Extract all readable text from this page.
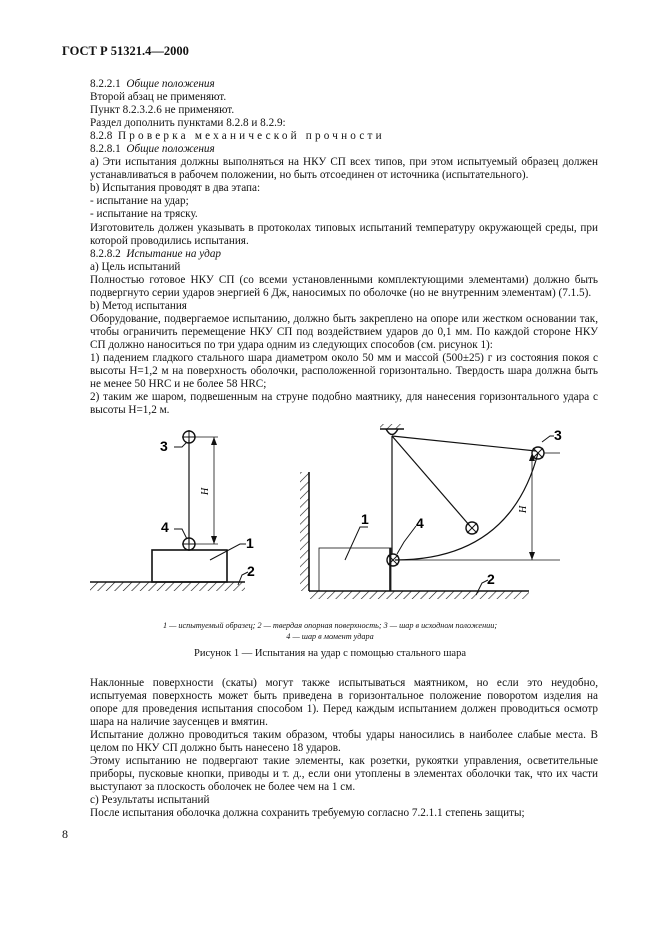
ГОСТ Р 51321.4—2000

8.2.2.1 Общие положения

Второй абзац не применяют.

Пункт 8.2.3.2.6 не применяют.

Раздел дополнить пунктами 8.2.8 и 8.2.9:

8.2.8 Проверка механической прочности

8.2.8.1 Общие положения

a) Эти испытания должны выполняться на НКУ СП всех типов, при этом испытуемый образец должен устанавливаться в рабочем положении, но быть отсоединен от источника (испытательного).

b) Испытания проводят в два этапа:

- испытание на удар;

- испытание на тряску.

Изготовитель должен указывать в протоколах типовых испытаний температуру окружающей среды, при которой проводились испытания.

8.2.8.2 Испытание на удар

a) Цель испытаний

Полностью готовое НКУ СП (со всеми установленными комплектующими элементами) должно быть подвергнуто серии ударов энергией 6 Дж, наносимых по оболочке (но не внутренним элементам) (7.1.5).

b) Метод испытания

Оборудование, подвергаемое испытанию, должно быть закреплено на опоре или жестком основании так, чтобы ограничить перемещение НКУ СП под воздействием ударов до 0,1 мм. По каждой стороне НКУ СП должно наноситься по три удара одним из следующих способов (см. рисунок 1):

1) падением гладкого стального шара диаметром около 50 мм и массой (500±25) г из состояния покоя с высоты H=1,2 м на поверхность оболочки, расположенной горизонтально. Твердость шара должна быть не менее 50 HRC и не более 58 HRC;

2) таким же шаром, подвешенным на струне подобно маятнику, для нанесения горизонтального удара с высоты H=1,2 м.

H
3
4
1
2
H
3
4
1
2
1 — испытуемый образец; 2 — твердая опорная поверхность; 3 — шар в исходном положении;
4 — шар в момент удара
Рисунок 1 — Испытания на удар с помощью стального шара

Наклонные поверхности (скаты) могут также испытываться маятником, но если это неудобно, испытуемая поверхность может быть приведена в горизонтальное положение поворотом изделия на опоре для проведения испытания способом 1). Перед каждым испытанием должен проводиться осмотр шара на наличие заусенцев и вмятин.

Испытание должно проводиться таким образом, чтобы удары наносились в наиболее слабые места. В целом по НКУ СП должно быть нанесено 18 ударов.

Этому испытанию не подвергают такие элементы, как розетки, рукоятки управления, осветительные приборы, пусковые кнопки, приводы и т. д., если они утоплены в элементах оболочки так, что их части выступают за плоскость оболочек не более чем на 1 см.

c) Результаты испытаний

После испытания оболочка должна сохранить требуемую согласно 7.2.1.1 степень защиты;

8
